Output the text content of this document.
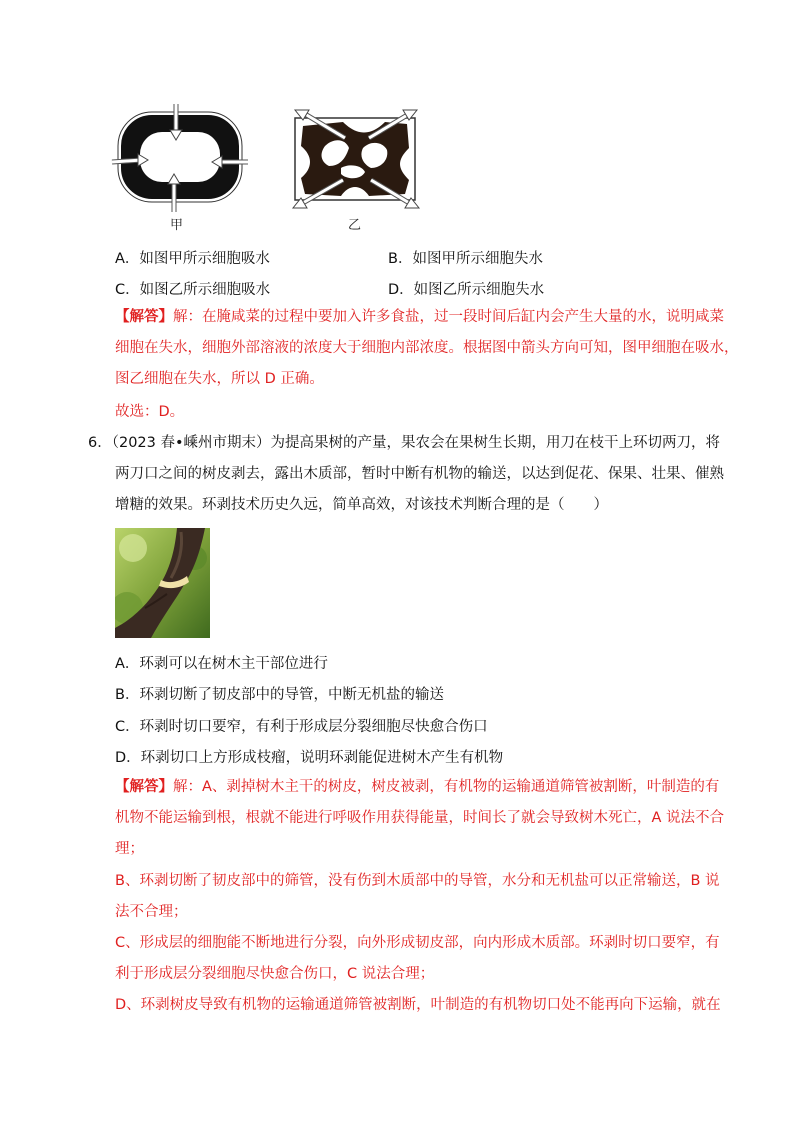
甲	乙
A．如图甲所示细胞吸水	B．如图甲所示细胞失水
C．如图乙所示细胞吸水	D．如图乙所示细胞失水
【解答】解：在腌咸菜的过程中要加入许多食盐，过一段时间后缸内会产生大量的水，说明咸菜
细胞在失水，细胞外部溶液的浓度大于细胞内部浓度。根据图中箭头方向可知，图甲细胞在吸水，
图乙细胞在失水，所以 D 正确。
故选：D。
6．（2023 春•嵊州市期末）为提高果树的产量，果农会在果树生长期，用刀在枝干上环切两刀，将
两刀口之间的树皮剥去，露出木质部，暂时中断有机物的输送，以达到促花、保果、壮果、催熟
增糖的效果。环剥技术历史久远，简单高效，对该技术判断合理的是（　　）
A．环剥可以在树木主干部位进行
B．环剥切断了韧皮部中的导管，中断无机盐的输送
C．环剥时切口要窄，有利于形成层分裂细胞尽快愈合伤口
D．环剥切口上方形成枝瘤，说明环剥能促进树木产生有机物
【解答】解：A、剥掉树木主干的树皮，树皮被剥，有机物的运输通道筛管被割断，叶制造的有
机物不能运输到根，根就不能进行呼吸作用获得能量，时间长了就会导致树木死亡，A 说法不合
理；
B、环剥切断了韧皮部中的筛管，没有伤到木质部中的导管，水分和无机盐可以正常输送，B 说
法不合理；
C、形成层的细胞能不断地进行分裂，向外形成韧皮部，向内形成木质部。环剥时切口要窄，有
利于形成层分裂细胞尽快愈合伤口，C 说法合理；
D、环剥树皮导致有机物的运输通道筛管被割断，叶制造的有机物切口处不能再向下运输，就在
